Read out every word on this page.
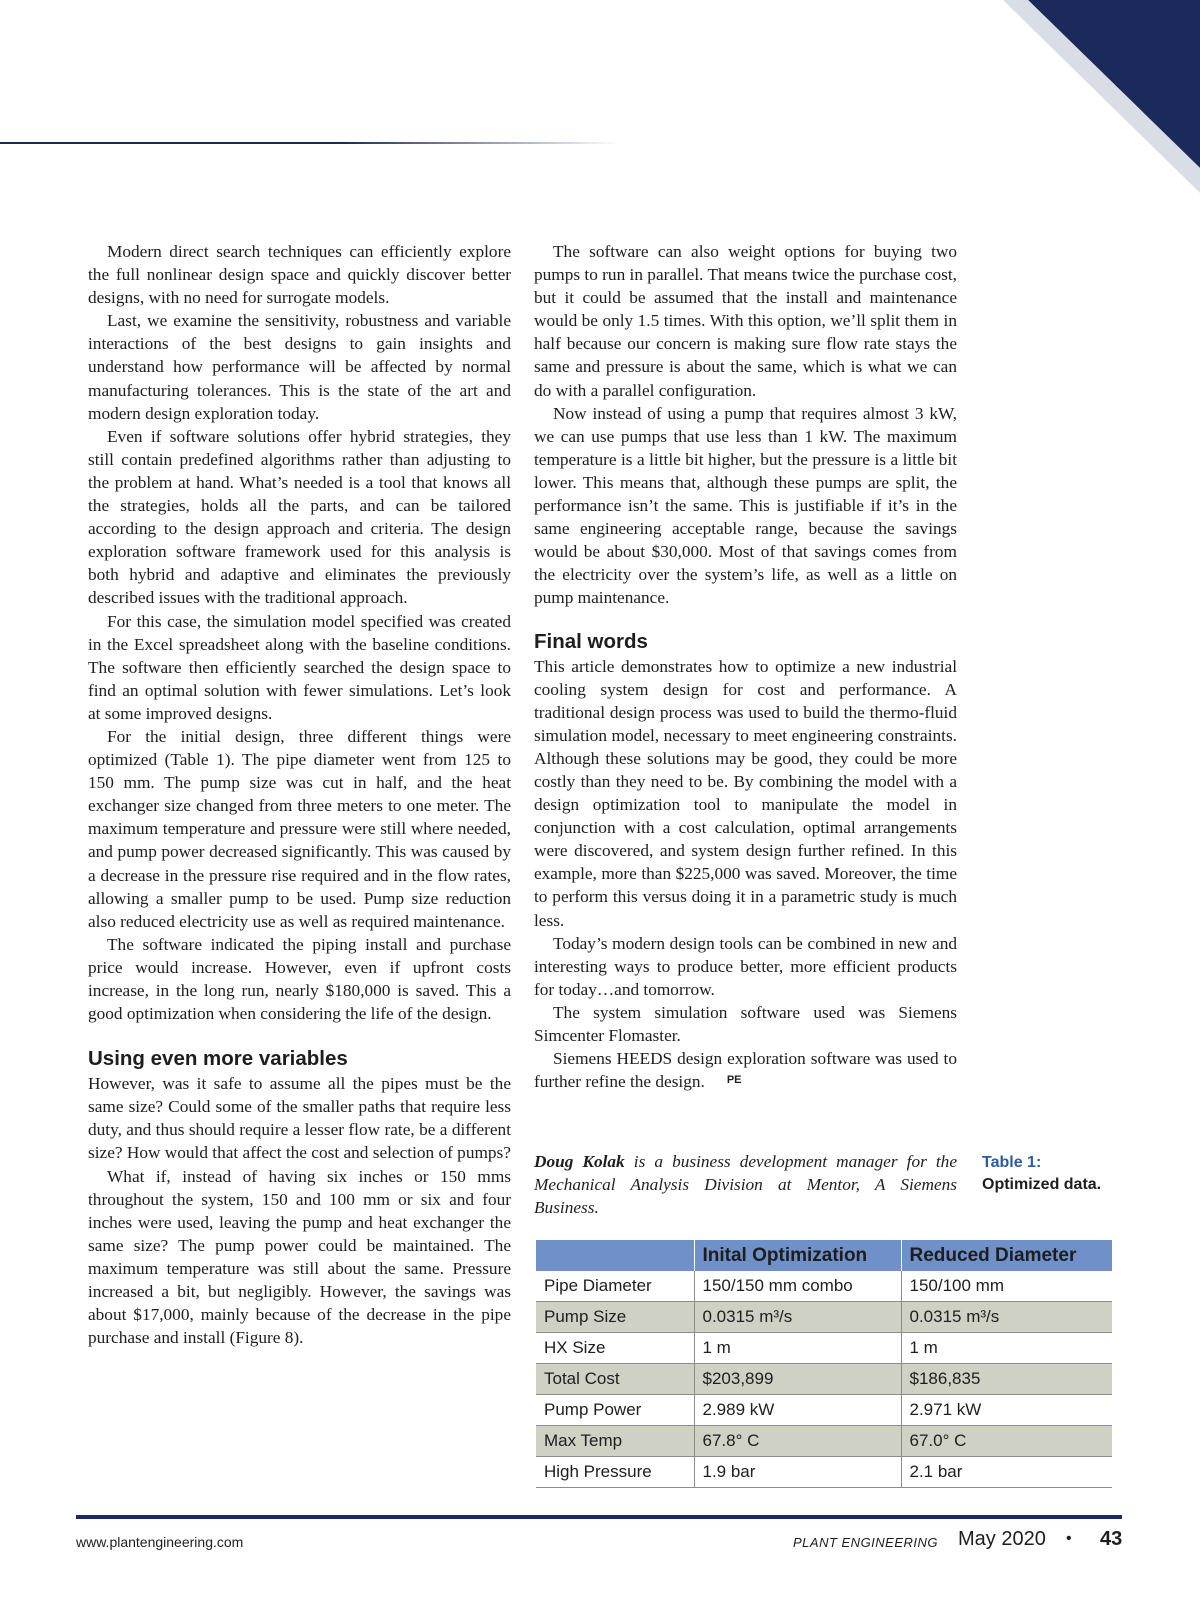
Modern direct search techniques can efficiently explore the full nonlinear design space and quickly discover better designs, with no need for surrogate models.

Last, we examine the sensitivity, robustness and variable interactions of the best designs to gain insights and understand how performance will be affected by normal manufacturing tolerances. This is the state of the art and modern design exploration today.

Even if software solutions offer hybrid strategies, they still contain predefined algorithms rather than adjusting to the problem at hand. What’s needed is a tool that knows all the strategies, holds all the parts, and can be tailored according to the design approach and criteria. The design exploration software framework used for this analysis is both hybrid and adaptive and eliminates the previously described issues with the traditional approach.

For this case, the simulation model specified was created in the Excel spreadsheet along with the baseline conditions. The software then efficiently searched the design space to find an optimal solution with fewer simulations. Let’s look at some improved designs.

For the initial design, three different things were optimized (Table 1). The pipe diameter went from 125 to 150 mm. The pump size was cut in half, and the heat exchanger size changed from three meters to one meter. The maximum temperature and pressure were still where needed, and pump power decreased significantly. This was caused by a decrease in the pressure rise required and in the flow rates, allowing a smaller pump to be used. Pump size reduction also reduced electricity use as well as required maintenance.

The software indicated the piping install and purchase price would increase. However, even if upfront costs increase, in the long run, nearly $180,000 is saved. This a good optimization when considering the life of the design.

Using even more variables

However, was it safe to assume all the pipes must be the same size? Could some of the smaller paths that require less duty, and thus should require a lesser flow rate, be a different size? How would that affect the cost and selection of pumps?

What if, instead of having six inches or 150 mms throughout the system, 150 and 100 mm or six and four inches were used, leaving the pump and heat exchanger the same size? The pump power could be maintained. The maximum temperature was still about the same. Pressure increased a bit, but negligibly. However, the savings was about $17,000, mainly because of the decrease in the pipe purchase and install (Figure 8).

The software can also weight options for buying two pumps to run in parallel. That means twice the purchase cost, but it could be assumed that the install and maintenance would be only 1.5 times. With this option, we’ll split them in half because our concern is making sure flow rate stays the same and pressure is about the same, which is what we can do with a parallel configuration.

Now instead of using a pump that requires almost 3 kW, we can use pumps that use less than 1 kW. The maximum temperature is a little bit higher, but the pressure is a little bit lower. This means that, although these pumps are split, the performance isn’t the same. This is justifiable if it’s in the same engineering acceptable range, because the savings would be about $30,000. Most of that savings comes from the electricity over the system’s life, as well as a little on pump maintenance.

Final words

This article demonstrates how to optimize a new industrial cooling system design for cost and performance. A traditional design process was used to build the thermo-fluid simulation model, necessary to meet engineering constraints. Although these solutions may be good, they could be more costly than they need to be. By combining the model with a design optimization tool to manipulate the model in conjunction with a cost calculation, optimal arrangements were discovered, and system design further refined. In this example, more than $225,000 was saved. Moreover, the time to perform this versus doing it in a parametric study is much less.

Today’s modern design tools can be combined in new and interesting ways to produce better, more efficient products for today…and tomorrow.

The system simulation software used was Siemens Simcenter Flomaster.

Siemens HEEDS design exploration software was used to further refine the design. PE

Doug Kolak is a business development manager for the Mechanical Analysis Division at Mentor, A Siemens Business.
Table 1:
Optimized data.
	Inital Optimization	Reduced Diameter
Pipe Diameter	150/150 mm combo	150/100 mm
Pump Size	0.0315 m³/s	0.0315 m³/s
HX Size	1 m	1 m
Total Cost	$203,899	$186,835
Pump Power	2.989 kW	2.971 kW
Max Temp	67.8° C	67.0° C
High Pressure	1.9 bar	2.1 bar
www.plantengineering.com	PLANT ENGINEERING May 2020 • 43
